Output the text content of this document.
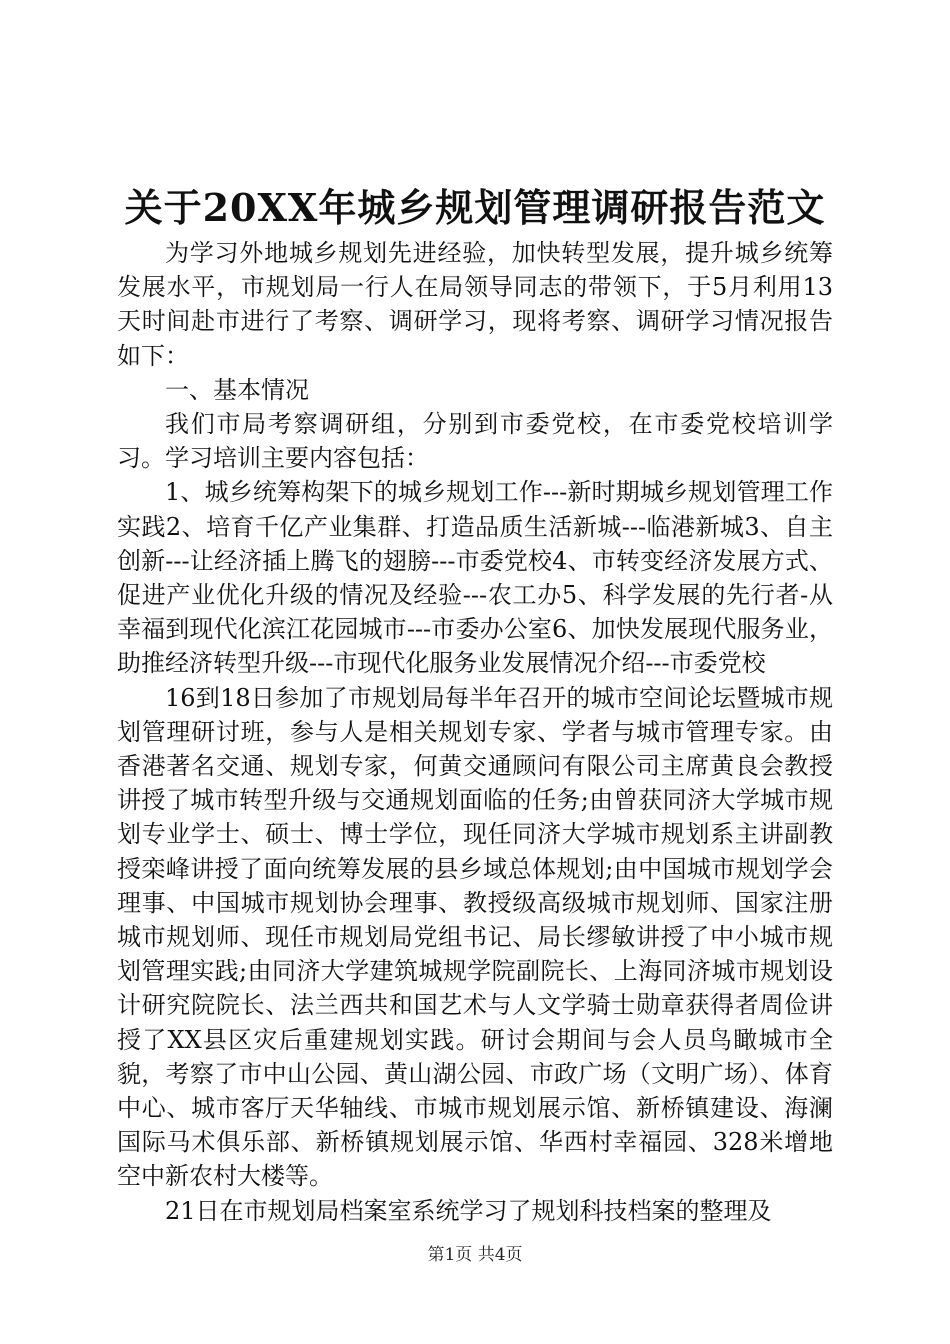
关于20XX年城乡规划管理调研报告范文

为学习外地城乡规划先进经验，加快转型发展，提升城乡统筹发展水平，市规划局一行人在局领导同志的带领下，于5月利用13天时间赴市进行了考察、调研学习，现将考察、调研学习情况报告如下：

一、基本情况

我们市局考察调研组，分别到市委党校，在市委党校培训学习。学习培训主要内容包括：

1、城乡统筹构架下的城乡规划工作---新时期城乡规划管理工作实践2、培育千亿产业集群、打造品质生活新城---临港新城3、自主创新---让经济插上腾飞的翅膀---市委党校4、市转变经济发展方式、促进产业优化升级的情况及经验---农工办5、科学发展的先行者-从幸福到现代化滨江花园城市---市委办公室6、加快发展现代服务业，助推经济转型升级---市现代化服务业发展情况介绍---市委党校

16到18日参加了市规划局每半年召开的城市空间论坛暨城市规划管理研讨班，参与人是相关规划专家、学者与城市管理专家。由香港著名交通、规划专家，何黄交通顾问有限公司主席黄良会教授讲授了城市转型升级与交通规划面临的任务;由曾获同济大学城市规划专业学士、硕士、博士学位，现任同济大学城市规划系主讲副教授栾峰讲授了面向统筹发展的县乡域总体规划;由中国城市规划学会理事、中国城市规划协会理事、教授级高级城市规划师、国家注册城市规划师、现任市规划局党组书记、局长缪敏讲授了中小城市规划管理实践;由同济大学建筑城规学院副院长、上海同济城市规划设计研究院院长、法兰西共和国艺术与人文学骑士勋章获得者周俭讲授了XX县区灾后重建规划实践。研讨会期间与会人员鸟瞰城市全貌，考察了市中山公园、黄山湖公园、市政广场（文明广场）、体育中心、城市客厅天华轴线、市城市规划展示馆、新桥镇建设、海澜国际马术俱乐部、新桥镇规划展示馆、华西村幸福园、328米增地空中新农村大楼等。

21日在市规划局档案室系统学习了规划科技档案的整理及

第1页 共4页
